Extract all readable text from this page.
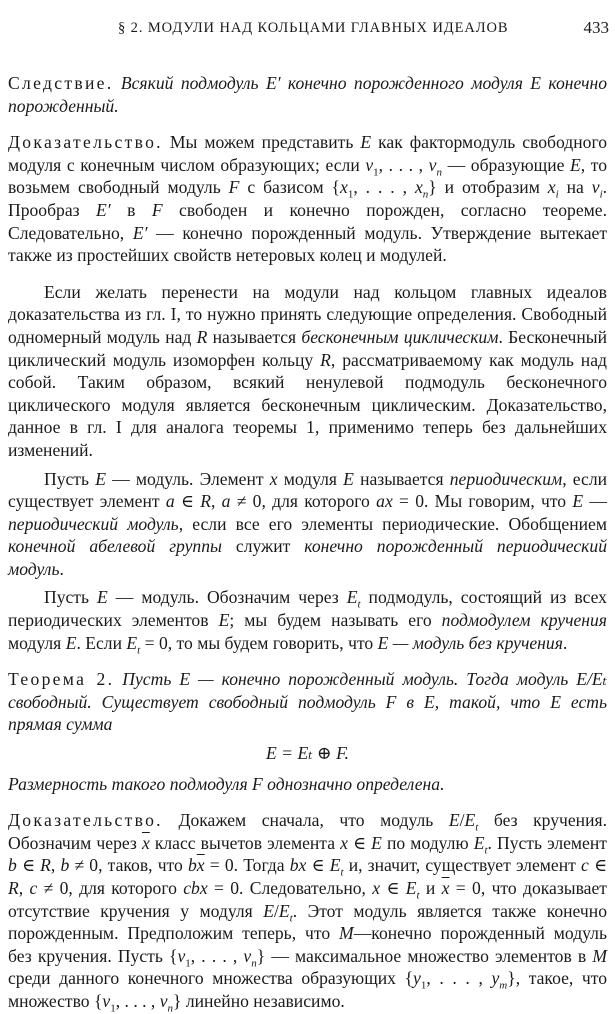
§ 2. МОДУЛИ НАД КОЛЬЦАМИ ГЛАВНЫХ ИДЕАЛОВ	433

Следствие. Всякий подмодуль E′ конечно порожденного модуля E конечно порожденный.

Доказательство. Мы можем представить E как фактормодуль свободного модуля с конечным числом образующих; если $v_1$, . . . , $v_n$ — образующие E, то возьмем свободный модуль F с базисом {$x_1$, . . . , $x_n$} и отобразим $x_i$ на $v_i$. Прообраз E′ в F свободен и конечно порожден, согласно теореме. Следовательно, E′ — конечно порожденный модуль. Утверждение вытекает также из простейших свойств нетеровых колец и модулей.

Если желать перенести на модули над кольцом главных идеалов доказательства из гл. I, то нужно принять следующие определения. Свободный одномерный модуль над R называется бесконечным циклическим. Бесконечный циклический модуль изоморфен кольцу R, рассматриваемому как модуль над собой. Таким образом, всякий ненулевой подмодуль бесконечного циклического модуля является бесконечным циклическим. Доказательство, данное в гл. I для аналога теоремы 1, применимо теперь без дальнейших изменений.

Пусть E — модуль. Элемент x модуля E называется периодическим, если существует элемент a ∈ R, a ≠ 0, для которого ax = 0. Мы говорим, что E — периодический модуль, если все его элементы периодические. Обобщением конечной абелевой группы служит конечно порожденный периодический модуль.

Пусть E — модуль. Обозначим через $E_t$ подмодуль, состоящий из всех периодических элементов E; мы будем называть его подмодулем кручения модуля E. Если $E_t = 0$, то мы будем говорить, что E — модуль без кручения.

Теорема 2. Пусть E — конечно порожденный модуль. Тогда модуль E/Eₜ свободный. Существует свободный подмодуль F в E, такой, что E есть прямая сумма

E = Eₜ ⊕ F.

Размерность такого подмодуля F однозначно определена.

Доказательство. Докажем сначала, что модуль $E/E_t$ без кручения. Обозначим через $\overline{x}$ класс вычетов элемента x ∈ E по модулю $E_t$. Пусть элемент b ∈ R, b ≠ 0, таков, что $b\overline{x} = 0$. Тогда bx ∈ $E_t$ и, значит, существует элемент c ∈ R, c ≠ 0, для которого cbx = 0. Следовательно, x ∈ $E_t$ и $\overline{x} = 0$, что доказывает отсутствие кручения у модуля $E/E_t$. Этот модуль является также конечно порожденным. Предположим теперь, что M—конечно порожденный модуль без кручения. Пусть {$v_1$, . . . , $v_n$} — максимальное множество элементов в M среди данного конечного множества образующих {$y_1$, . . . , $y_m$}, такое, что множество {$v_1$, . . . , $v_n$} линейно независимо.
